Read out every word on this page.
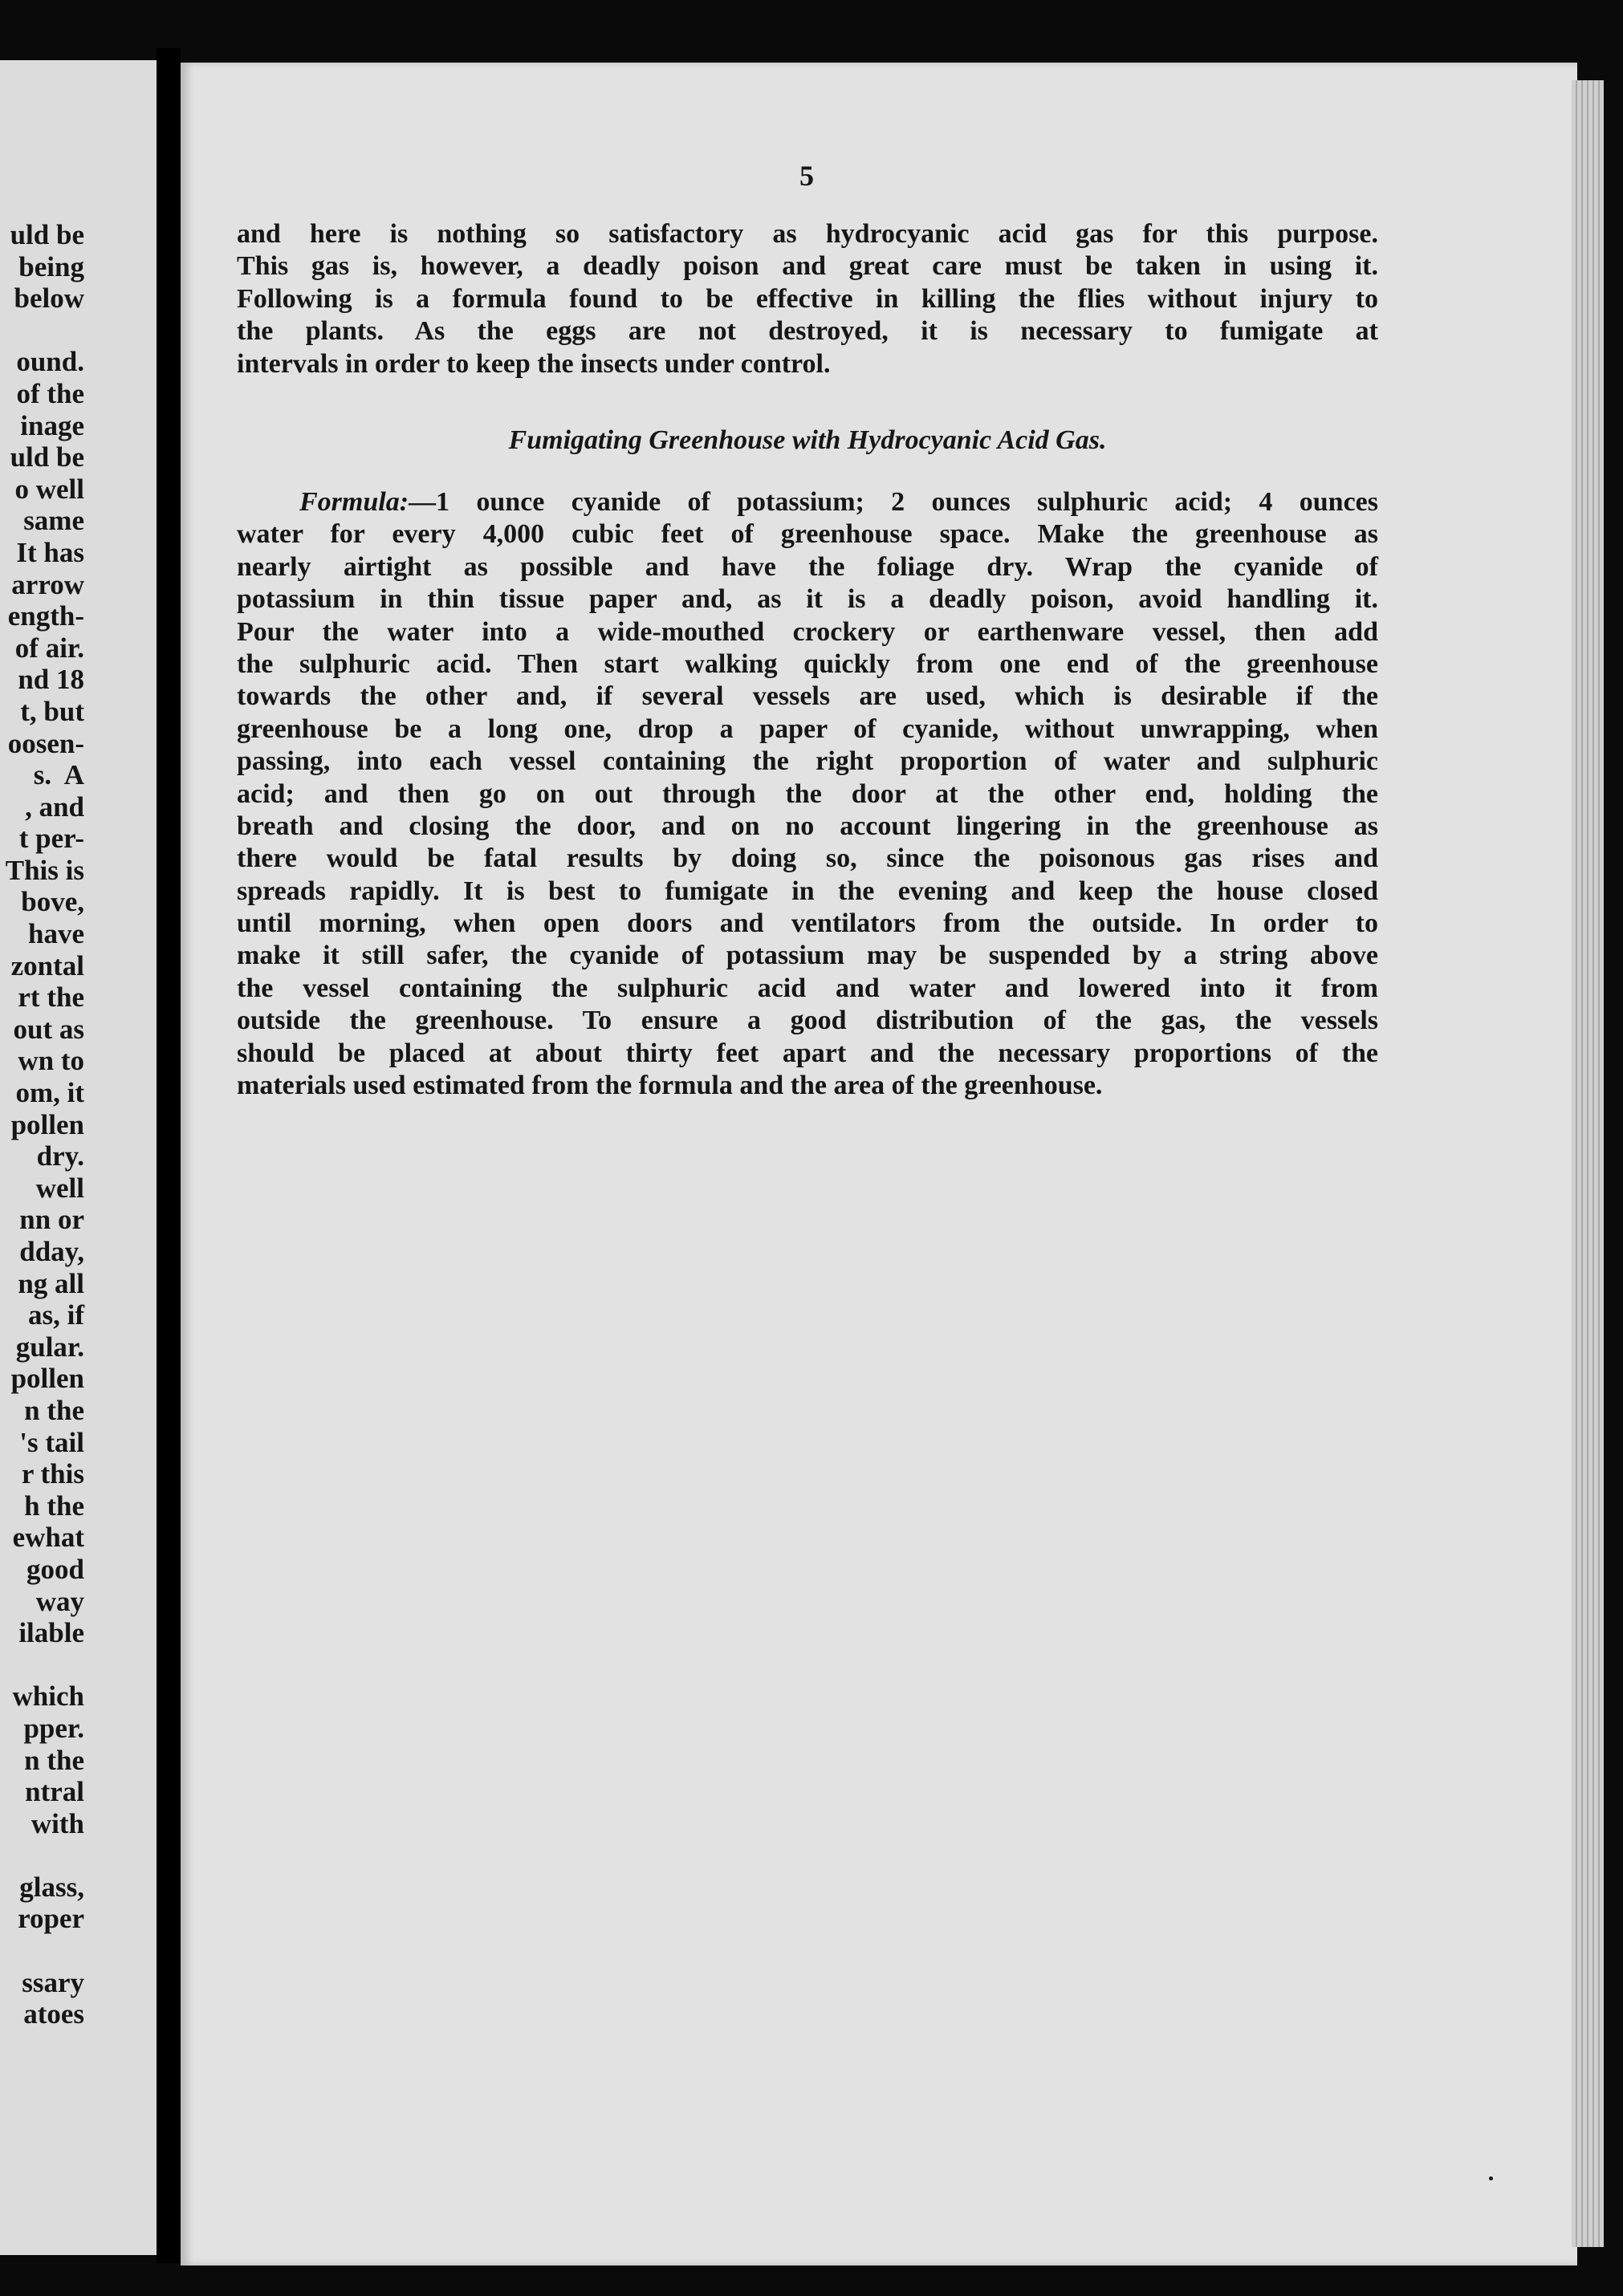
uld be
being
below
ound.
of the
inage
uld be
o well
same
It has
arrow
ength-
of air.
nd 18
t, but
oosen-
s.  A
, and
t per-
This is
bove,
have
zontal
rt the
out as
wn to
om, it
pollen
dry.
well
nn or
dday,
ng all
as, if
gular.
pollen
n the
's tail
r this
h the
ewhat
good
way
ilable
which
pper.
n the
ntral
with
glass,
roper
ssary
atoes
5
and here is nothing so satisfactory as hydrocyanic acid gas for this purpose.
This gas is, however, a deadly poison and great care must be taken in using it.
Following is a formula found to be effective in killing the flies without injury to
the plants. As the eggs are not destroyed, it is necessary to fumigate at
intervals in order to keep the insects under control.
Fumigating Greenhouse with Hydrocyanic Acid Gas.
Formula:—1 ounce cyanide of potassium; 2 ounces sulphuric acid; 4 ounces
water for every 4,000 cubic feet of greenhouse space. Make the greenhouse as
nearly airtight as possible and have the foliage dry. Wrap the cyanide of
potassium in thin tissue paper and, as it is a deadly poison, avoid handling it.
Pour the water into a wide-mouthed crockery or earthenware vessel, then add
the sulphuric acid. Then start walking quickly from one end of the greenhouse
towards the other and, if several vessels are used, which is desirable if the
greenhouse be a long one, drop a paper of cyanide, without unwrapping, when
passing, into each vessel containing the right proportion of water and sulphuric
acid; and then go on out through the door at the other end, holding the
breath and closing the door, and on no account lingering in the greenhouse as
there would be fatal results by doing so, since the poisonous gas rises and
spreads rapidly. It is best to fumigate in the evening and keep the house closed
until morning, when open doors and ventilators from the outside. In order to
make it still safer, the cyanide of potassium may be suspended by a string above
the vessel containing the sulphuric acid and water and lowered into it from
outside the greenhouse. To ensure a good distribution of the gas, the vessels
should be placed at about thirty feet apart and the necessary proportions of the
materials used estimated from the formula and the area of the greenhouse.
